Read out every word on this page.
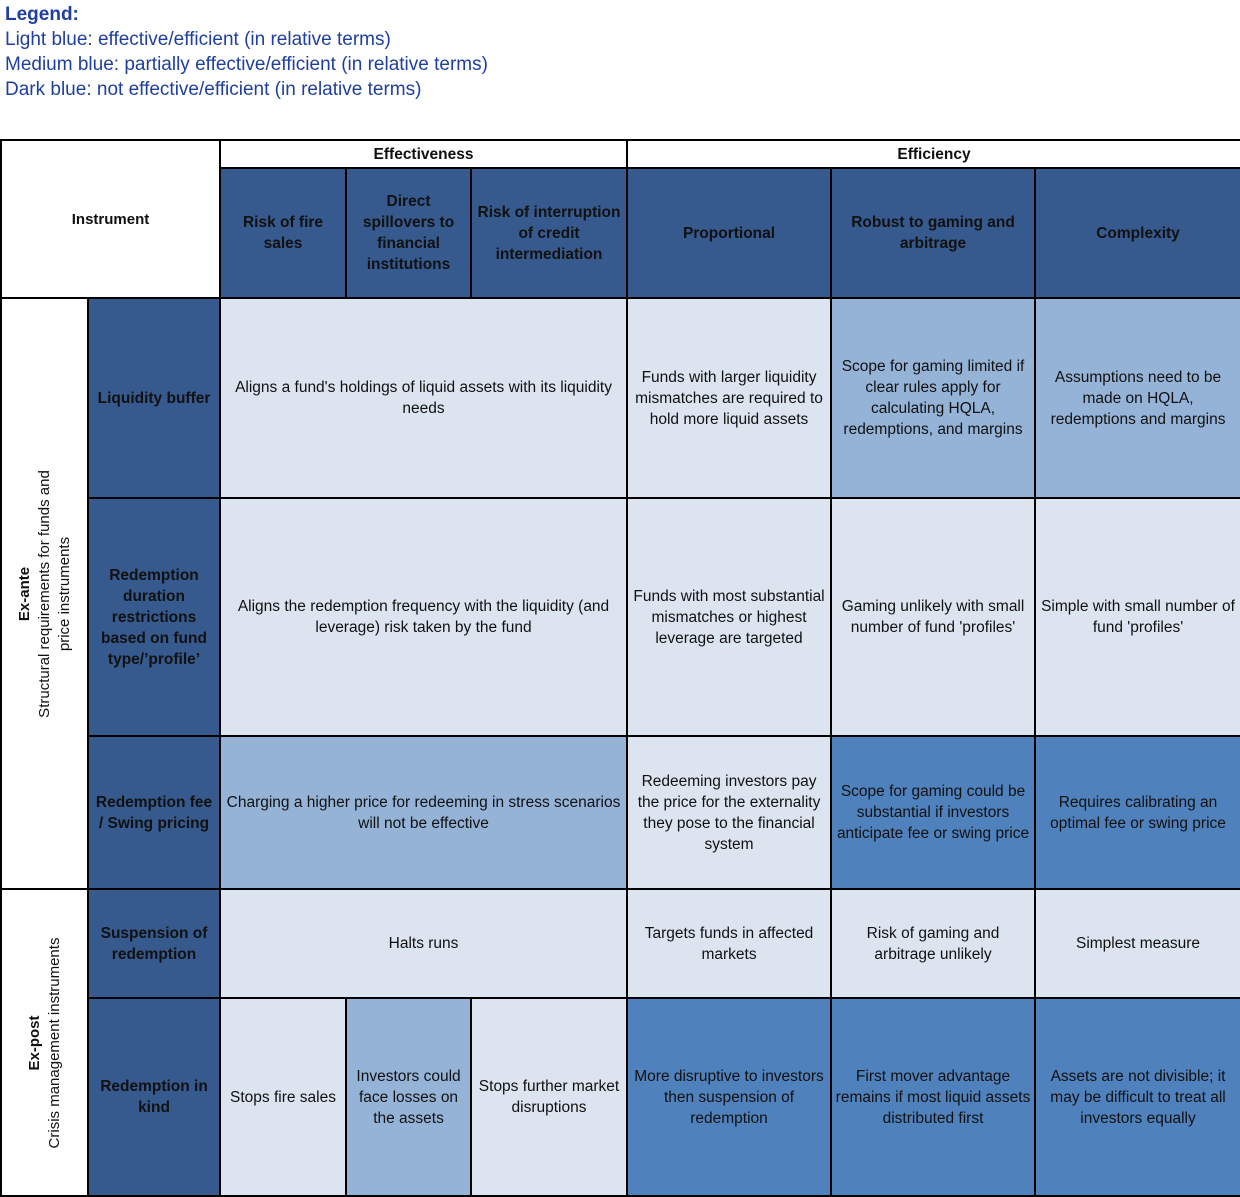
Legend:
Light blue: effective/efficient (in relative terms)
Medium blue: partially effective/efficient (in relative terms)
Dark blue: not effective/efficient (in relative terms)
Instrument		Effectiveness			Efficiency		
		Risk of fire sales	Direct spillovers to financial institutions	Risk of interruption of credit intermediation	Proportional	Robust to gaming and arbitrage	Complexity

Ex-ante Structural requirements for funds and price instruments	Liquidity buffer	Aligns a fund's holdings of liquid assets with its liquidity needs			Funds with larger liquidity mismatches are required to hold more liquid assets	Scope for gaming limited if clear rules apply for calculating HQLA, redemptions, and margins	Assumptions need to be made on HQLA, redemptions and margins
	Redemption duration restrictions based on fund type/’profile’	Aligns the redemption frequency with the liquidity (and leverage) risk taken by the fund			Funds with most substantial mismatches or highest leverage are targeted	Gaming unlikely with small number of fund 'profiles'	Simple with small number of fund 'profiles'
	Redemption fee / Swing pricing	Charging a higher price for redeeming in stress scenarios will not be effective			Redeeming investors pay the price for the externality they pose to the financial system	Scope for gaming could be substantial if investors anticipate fee or swing price	Requires calibrating an optimal fee or swing price

Ex-post Crisis management instruments	Suspension of redemption	Halts runs			Targets funds in affected markets	Risk of gaming and arbitrage unlikely	Simplest measure
	Redemption in kind	Stops fire sales	Investors could face losses on the assets	Stops further market disruptions	More disruptive to investors then suspension of redemption	First mover advantage remains if most liquid assets distributed first	Assets are not divisible; it may be difficult to treat all investors equally
